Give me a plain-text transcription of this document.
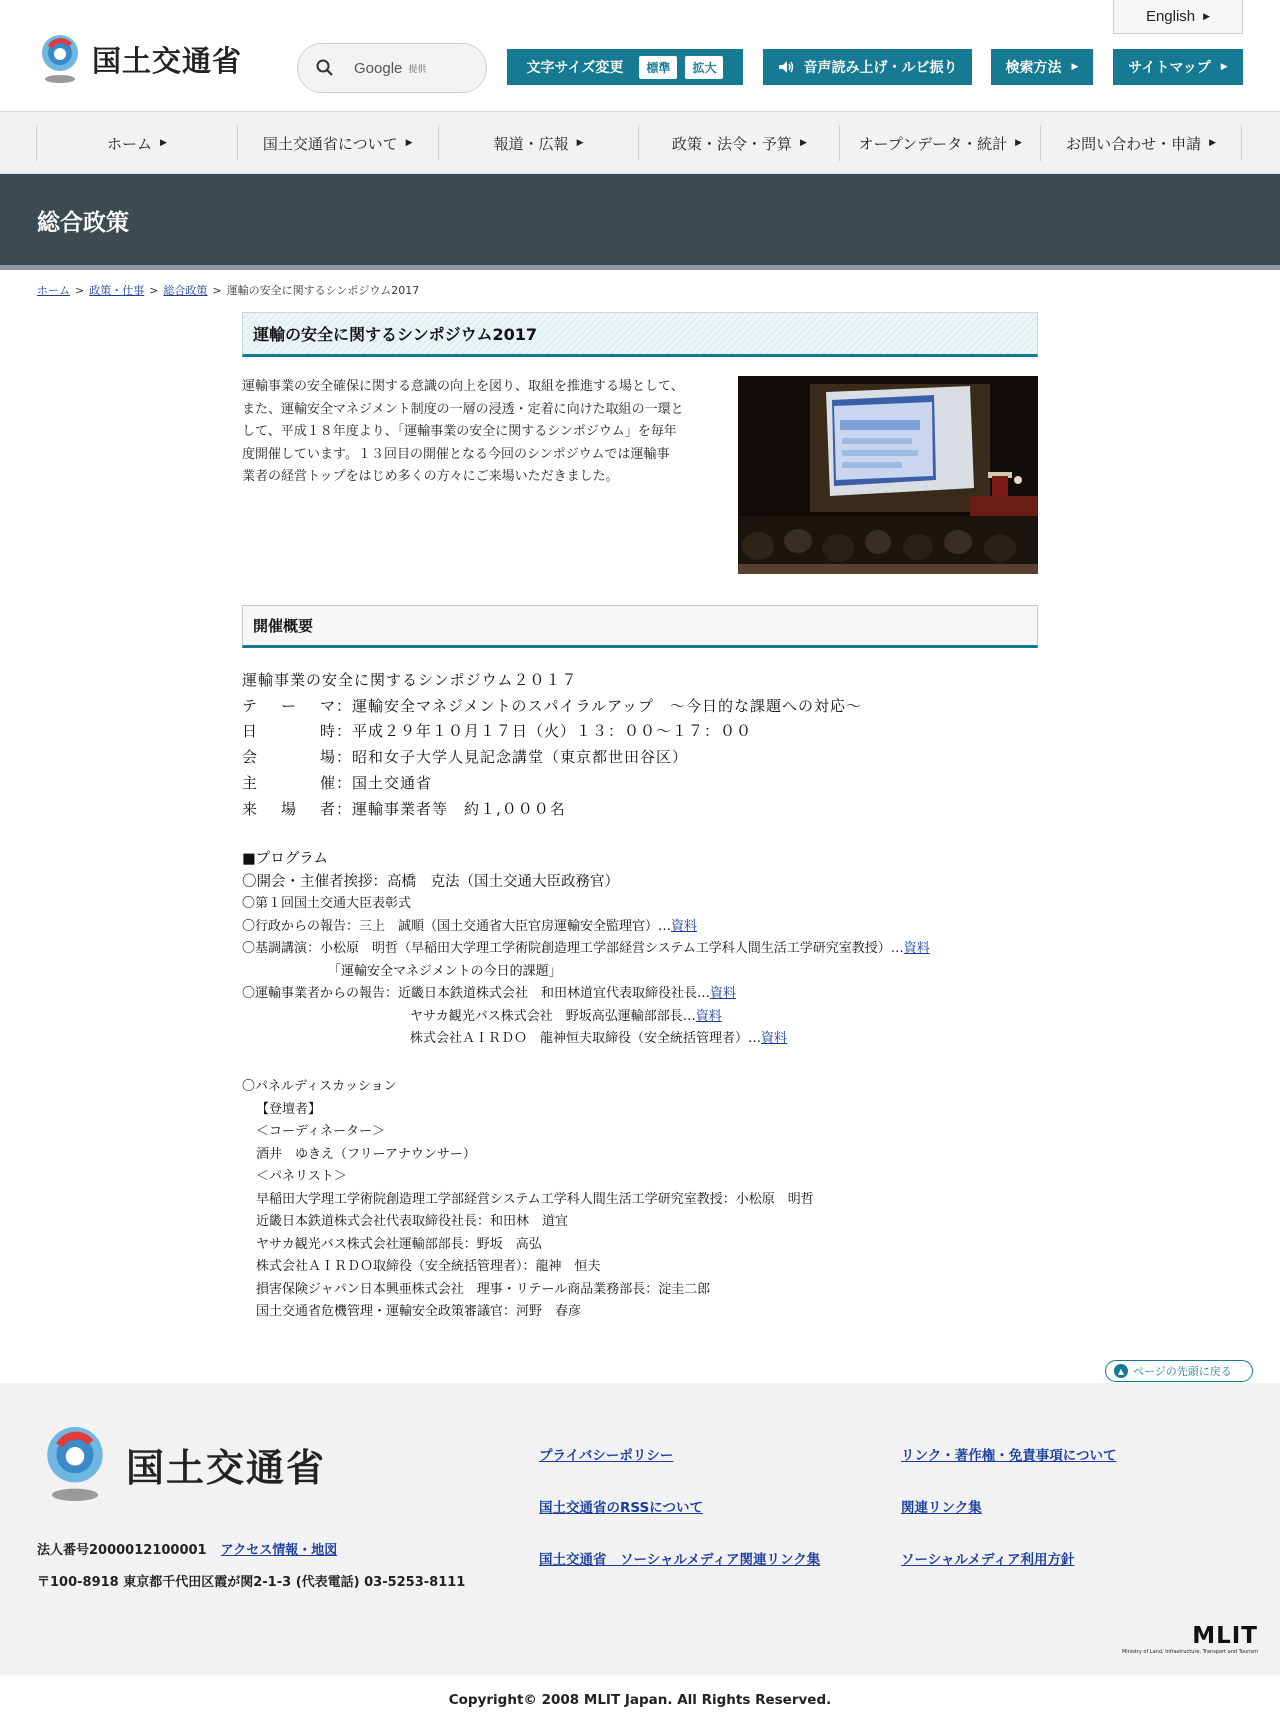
国土交通省	Google 提供
English ▶
文字サイズ変更	標準	拡大	音声読み上げ・ルビ振り	検索方法 ▶	サイトマップ ▶
ホーム ▶	国土交通省について ▶	報道・広報 ▶	政策・法令・予算 ▶	オープンデータ・統計 ▶	お問い合わせ・申請 ▶
総合政策
ホーム > 政策・仕事 > 総合政策 > 運輸の安全に関するシンポジウム2017
運輸の安全に関するシンポジウム2017
運輸事業の安全確保に関する意識の向上を図り、取組を推進する場として、
また、運輸安全マネジメント制度の一層の浸透・定着に向けた取組の一環と
して、平成１８年度より、「運輸事業の安全に関するシンポジウム」を毎年
度開催しています。１３回目の開催となる今回のシンポジウムでは運輸事
業者の経営トップをはじめ多くの方々にご来場いただきました。
開催概要
運輸事業の安全に関するシンポジウム２０１７
テ ー マ ：運輸安全マネジメントのスパイラルアップ　～今日的な課題への対応～
日	時 ：平成２９年１０月１７日（火）１３：００～１７：００
会	場 ：昭和女子大学人見記念講堂（東京都世田谷区）
主	催 ：国土交通省
来 場 者 ：運輸事業者等　約１,０００名
■プログラム
〇開会・主催者挨拶：高橋　克法（国土交通大臣政務官）
〇第１回国土交通大臣表彰式
〇行政からの報告：三上　誠順（国土交通省大臣官房運輸安全監理官）…資料
〇基調講演：小松原　明哲（早稲田大学理工学術院創造理工学部経営システム工学科人間生活工学研究室教授）…資料
「運輸安全マネジメントの今日的課題」
〇運輸事業者からの報告：近畿日本鉄道株式会社　和田林道宜代表取締役社長…資料
ヤサカ観光バス株式会社　野坂高弘運輸部部長…資料
株式会社ＡＩＲＤＯ　龍神恒夫取締役（安全統括管理者）…資料
〇パネルディスカッション
【登壇者】
＜コーディネーター＞
酒井　ゆきえ（フリーアナウンサー）
＜パネリスト＞
早稲田大学理工学術院創造理工学部経営システム工学科人間生活工学研究室教授：小松原　明哲
近畿日本鉄道株式会社代表取締役社長：和田林　道宜
ヤサカ観光バス株式会社運輸部部長：野坂　高弘
株式会社ＡＩＲＤＯ取締役（安全統括管理者）：龍神　恒夫
損害保険ジャパン日本興亜株式会社　理事・リテール商品業務部長：淀圭二郎
国土交通省危機管理・運輸安全政策審議官：河野　春彦
▲ ページの先頭に戻る
国土交通省
法人番号2000012100001 アクセス情報・地図
〒100-8918 東京都千代田区霞が関2-1-3 (代表電話) 03-5253-8111
プライバシーポリシー	リンク・著作権・免責事項について
国土交通省のRSSについて	関連リンク集
国土交通省　ソーシャルメディア関連リンク集	ソーシャルメディア利用方針
MLIT
Ministry of Land, Infrastructure, Transport and Tourism
Copyright© 2008 MLIT Japan. All Rights Reserved.
